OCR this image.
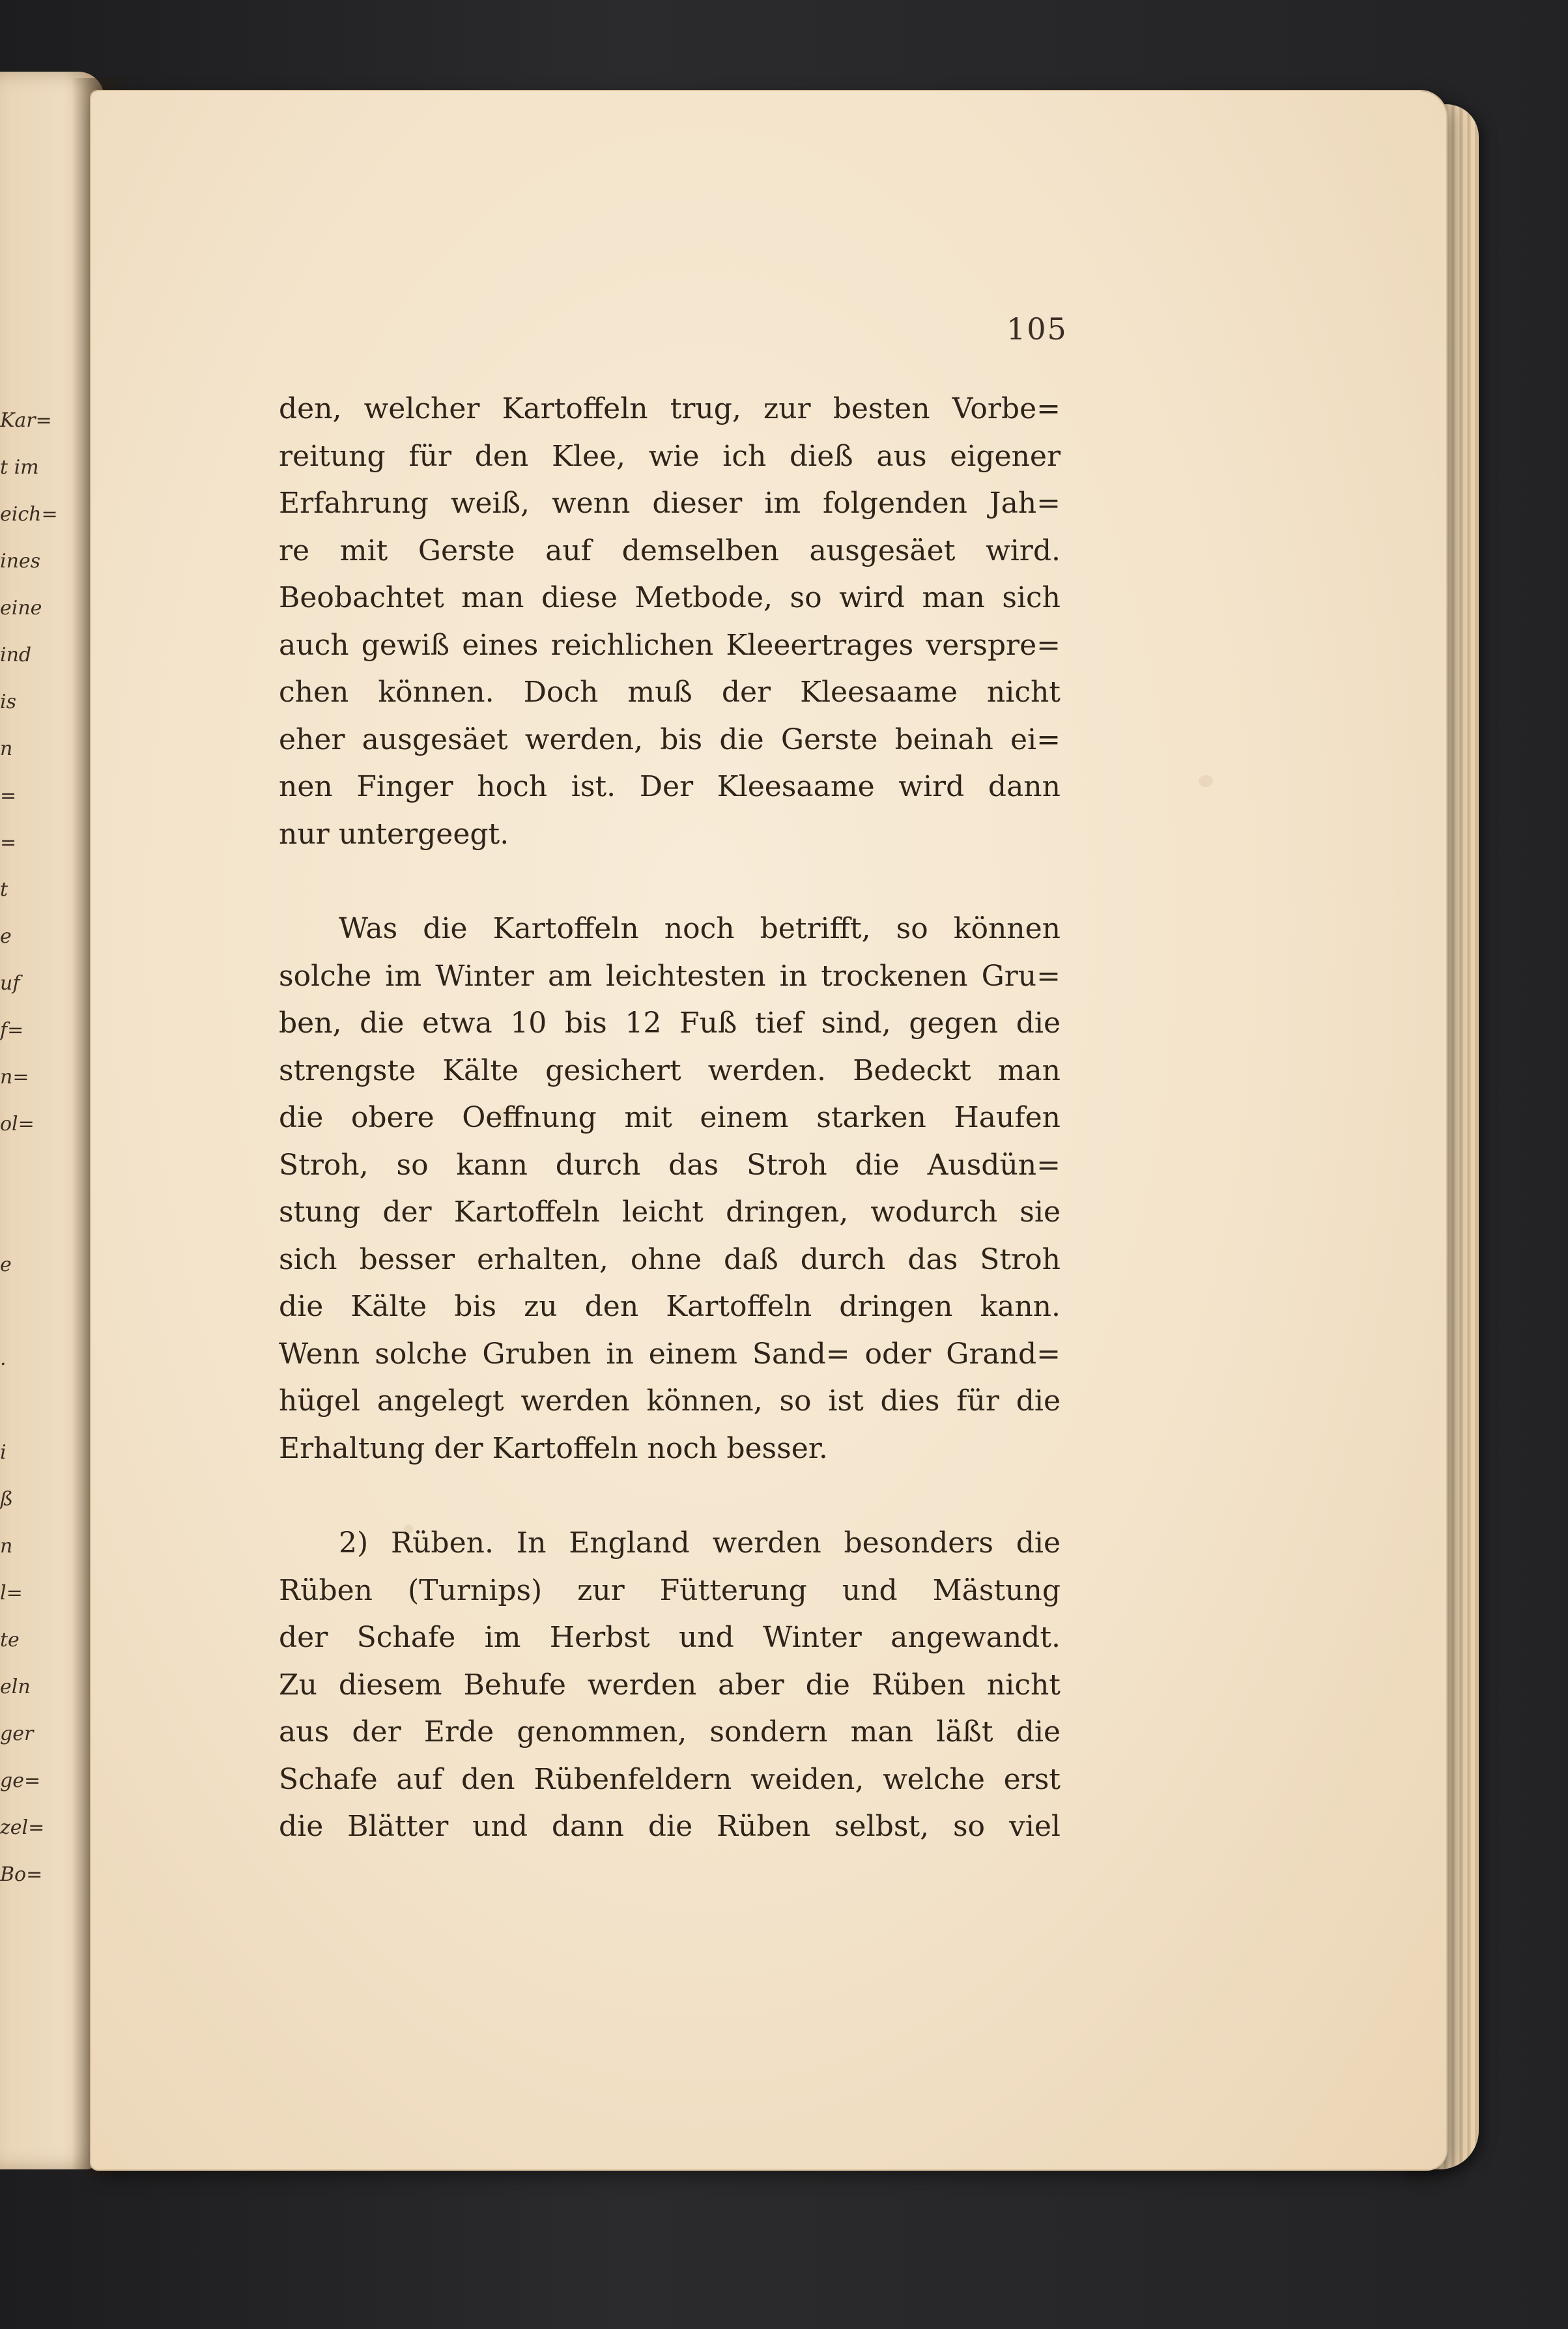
Kar=
t im
eich=
ines
eine
ind
is
n
=
=
t
e
uf
f=
n=
ol=
e
.
i
ß
n
l=
te
eln
ger
ge=
zel=
Bo=
105
den, welcher Kartoffeln trug, zur besten Vorbe=
reitung für den Klee, wie ich dieß aus eigener
Erfahrung weiß, wenn dieser im folgenden Jah=
re mit Gerste auf demselben ausgesäet wird.
Beobachtet man diese Metbode, so wird man sich
auch gewiß eines reichlichen Kleeertrages verspre=
chen können. Doch muß der Kleesaame nicht
eher ausgesäet werden, bis die Gerste beinah ei=
nen Finger hoch ist. Der Kleesaame wird dann
nur untergeegt.
Was die Kartoffeln noch betrifft, so können
solche im Winter am leichtesten in trockenen Gru=
ben, die etwa 10 bis 12 Fuß tief sind, gegen die
strengste Kälte gesichert werden. Bedeckt man
die obere Oeffnung mit einem starken Haufen
Stroh, so kann durch das Stroh die Ausdün=
stung der Kartoffeln leicht dringen, wodurch sie
sich besser erhalten, ohne daß durch das Stroh
die Kälte bis zu den Kartoffeln dringen kann.
Wenn solche Gruben in einem Sand= oder Grand=
hügel angelegt werden können, so ist dies für die
Erhaltung der Kartoffeln noch besser.
2) Rüben. In England werden besonders die
Rüben (Turnips) zur Fütterung und Mästung
der Schafe im Herbst und Winter angewandt.
Zu diesem Behufe werden aber die Rüben nicht
aus der Erde genommen, sondern man läßt die
Schafe auf den Rübenfeldern weiden, welche erst
die Blätter und dann die Rüben selbst, so viel
